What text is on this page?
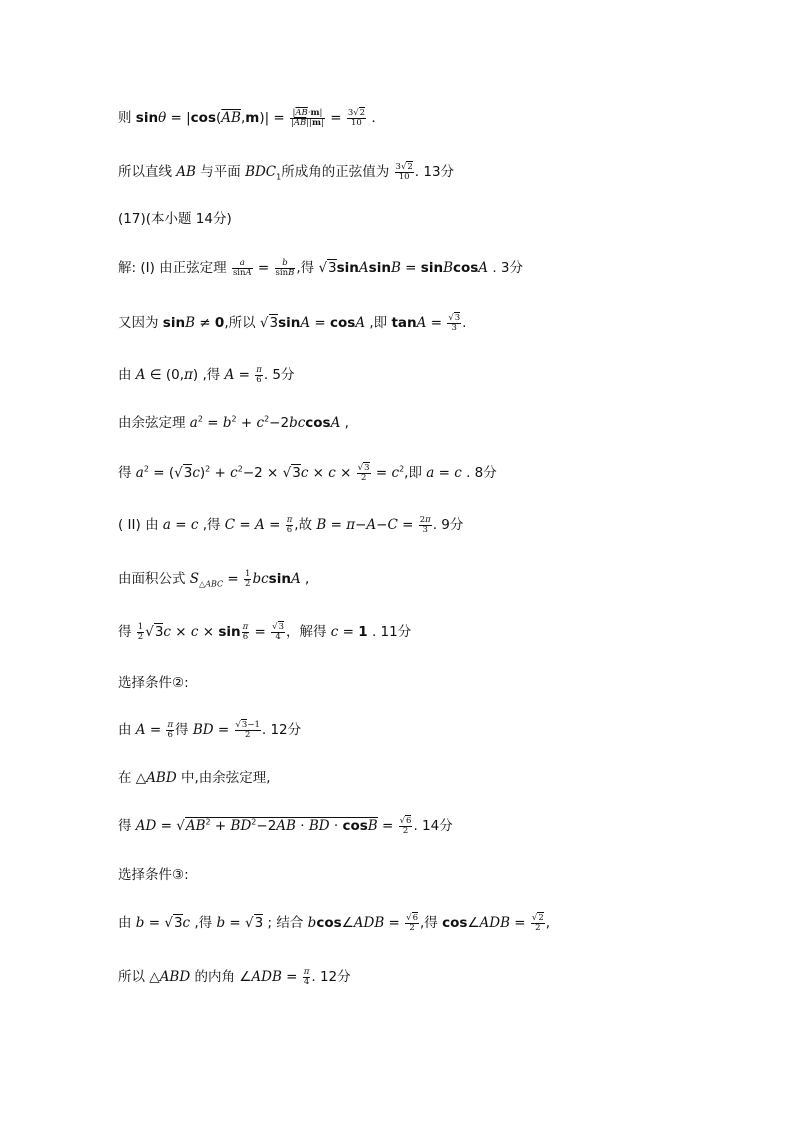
则 $\sin\theta = |\cos(\overline{AB},m)| = \frac{|\overline{AB}\cdot m|}{|\overline{AB}||m|} = \frac{3√2}{10}$ .
所以直线 AB 与平面 $BDC_1$所成角的正弦值为 $\frac{3√2}{10}$ . 13分
(17)(本小题 14分)
解: (I) 由正弦定理 $\frac{a}{\sin A} = \frac{b}{\sin B}$ ,得 √3sinAsinB = sinBcosA . 3分
又因为 sinB ≠ 0,所以 √3sinA = cosA ,即 $\tan A = \frac{√3}{3}$ .
由 A ∈ (0,π) ,得 $A = \frac{\pi}{6}$ . 5分
由余弦定理 $a^2 = b^2 + c^2-2bccosA$ ,
得 $a^2 = (√3c)^2 + c^2-2 \times √3c \times c \times \frac{√3}{2} = c^2$,即 a = c . 8分
( II) 由 a = c ,得 $C = A = \frac{\pi}{6}$ ,故 $B = \pi-A-C = \frac{2\pi}{3}$ . 9分
由面积公式 $S_{\triangle ABC} = \frac{1}{2}$ bcsinA ,
得 $\frac{1}{2} √3c \times c \times \sin \frac{\pi}{6} = \frac{√3}{4}$ ，解得 c = 1 . 11分
选择条件②:
由 $A = \frac{\pi}{6}$ 得 BD = $\frac{√3-1}{2}$ . 12分
在 △ABD 中,由余弦定理,
得 AD = $√AB^2 + BD^2-2AB$ · BD · $\cos B = \frac{√6}{2}$ . 14分
选择条件③:
由 b = √3c ,得 b = √3 ; 结合 bcos∠ADB = $\frac{√6}{2}$ ,得 cos∠ADB = $\frac{√2}{2}$ ,
所以 △ABD 的内角 ∠ADB = $\frac{\pi}{4}$ . 12分
